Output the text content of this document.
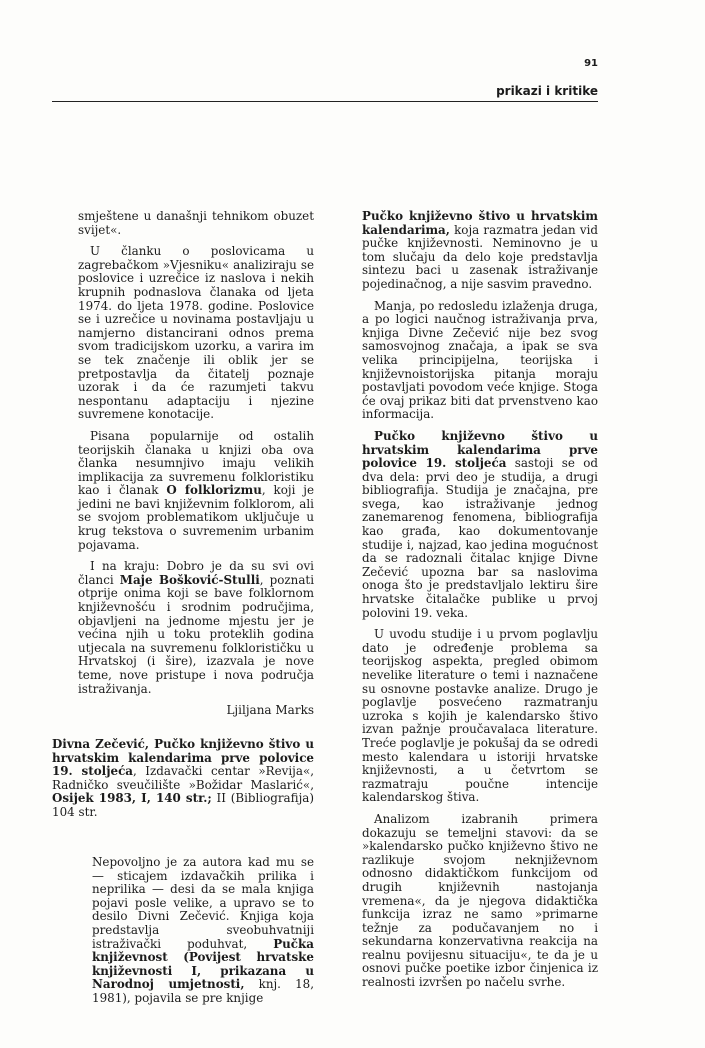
91
prikazi i kritike

smještene u današnji tehnikom obuzet svijet«.

U članku o poslovicama u zagrebačkom »Vjesniku« analiziraju se poslovice i uzrečice iz naslova i nekih krupnih podnaslova članaka od ljeta 1974. do ljeta 1978. godine. Poslovice se i uzrečice u novinama postavljaju u namjerno distancirani odnos prema svom tradicijskom uzorku, a varira im se tek značenje ili oblik jer se pretpostavlja da čitatelj poznaje uzorak i da će razumjeti takvu nespontanu adaptaciju i njezine suvremene konotacije.

Pisana popularnije od ostalih teorijskih članaka u knjizi oba ova članka nesumnjivo imaju velikih implikacija za suvremenu folkloristiku kao i članak O folklorizmu, koji je jedini ne bavi književnim folklorom, ali se svojom problematikom uključuje u krug tekstova o suvremenim urbanim pojavama.

I na kraju: Dobro je da su svi ovi članci Maje Bošković-Stulli, poznati otprije onima koji se bave folklornom književnošću i srodnim područjima, objavljeni na jednome mjestu jer je većina njih u toku proteklih godina utjecala na suvremenu folklorističku u Hrvatskoj (i šire), izazvala je nove teme, nove pristupe i nova područja istraživanja.

Ljiljana Marks
Divna Zečević, Pučko književno štivo u hrvatskim kalendarima prve polovice 19. stoljeća, Izdavački centar »Revija«, Radničko sveučilište »Božidar Maslarić«, Osijek 1983, I, 140 str.; II (Bibliografija) 104 str.

Nepovoljno je za autora kad mu se — sticajem izdavačkih prilika i neprilika — desi da se mala knjiga pojavi posle velike, a upravo se to desilo Divni Zečević. Knjiga koja predstavlja sveobuhvatniji istraživački poduhvat, Pučka književnost (Povijest hrvatske književnosti I, prikazana u Narodnoj umjetnosti, knj. 18, 1981), pojavila se pre knjige

Pučko književno štivo u hrvatskim kalendarima, koja razmatra jedan vid pučke književnosti. Neminovno je u tom slučaju da delo koje predstavlja sintezu baci u zasenak istraživanje pojedinačnog, a nije sasvim pravedno.

Manja, po redosledu izlaženja druga, a po logici naučnog istraživanja prva, knjiga Divne Zečević nije bez svog samosvojnog značaja, a ipak se sva velika principijelna, teorijska i književnoistorijska pitanja moraju postavljati povodom veće knjige. Stoga će ovaj prikaz biti dat prvenstveno kao informacija.

Pučko književno štivo u hrvatskim kalendarima prve polovice 19. stoljeća sastoji se od dva dela: prvi deo je studija, a drugi bibliografija. Studija je značajna, pre svega, kao istraživanje jednog zanemarenog fenomena, bibliografija kao građa, kao dokumentovanje studije i, najzad, kao jedina mogućnost da se radoznali čitalac knjige Divne Zečević upozna bar sa naslovima onoga što je predstavljalo lektiru šire hrvatske čitalačke publike u prvoj polovini 19. veka.

U uvodu studije i u prvom poglavlju dato je određenje problema sa teorijskog aspekta, pregled obimom nevelike literature o temi i naznačene su osnovne postavke analize. Drugo je poglavlje posvećeno razmatranju uzroka s kojih je kalendarsko štivo izvan pažnje proučavalaca literature. Treće poglavlje je pokušaj da se odredi mesto kalendara u istoriji hrvatske književnosti, a u četvrtom se razmatraju poučne intencije kalendarskog štiva.

Analizom izabranih primera dokazuju se temeljni stavovi: da se »kalendarsko pučko književno štivo ne razlikuje svojom neknjiževnom odnosno didaktičkom funkcijom od drugih književnih nastojanja vremena«, da je njegova didaktička funkcija izraz ne samo »primarne težnje za podučavanjem no i sekundarna konzervativna reakcija na realnu povijesnu situaciju«, te da je u osnovi pučke poetike izbor činjenica iz realnosti izvršen po načelu svrhe.
